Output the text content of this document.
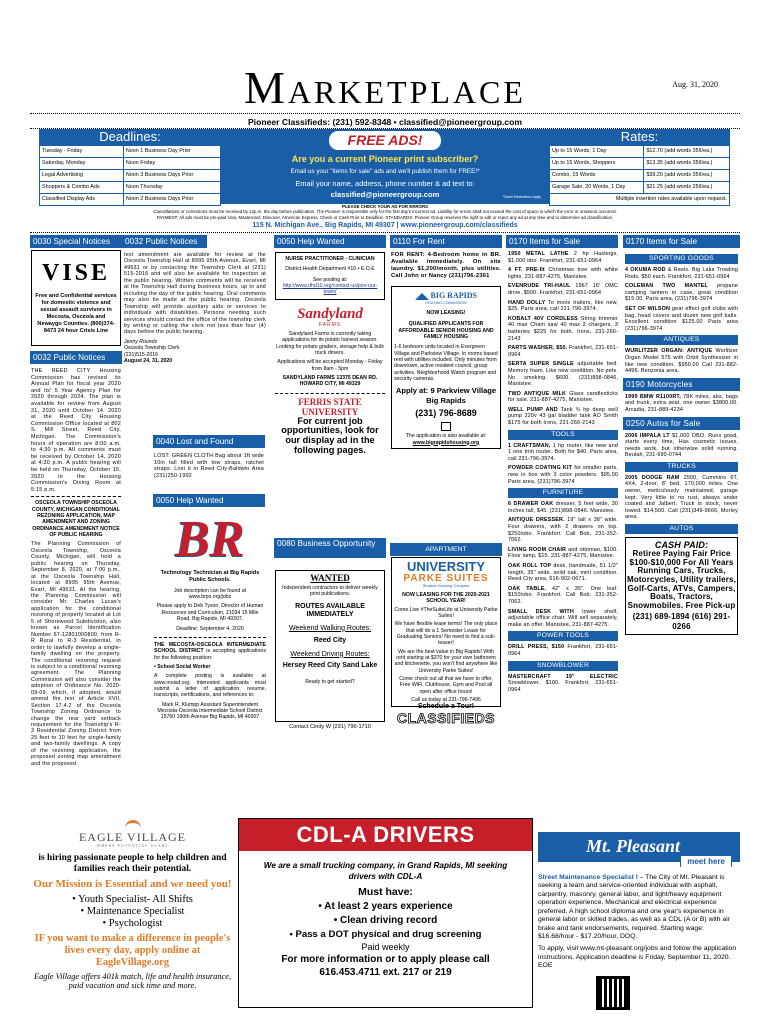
Marketplace	Aug. 31, 2020
Pioneer Classifieds: (231) 592-8348 • classified@pioneergroup.com
Deadlines:
Tuesday - Friday	Noon 1 Business Day Prior
Saturday, Monday	Noon Friday
Legal Advertising	Noon 3 Business Days Prior
Shoppers & Combo Ads	Noon Thursday
Classified Display Ads	Noon 2 Business Days Prior
FREE ADS!
Are you a current Pioneer print subscriber?
Email us your "items for sale" ads and we'll publish them for FREE!*
Email your name, address, phone number & ad text to:
classified@pioneergroup.com	*Some Restrictions Apply
Rates:
Up to 15 Words, 1 Day	$12.70 (add words 35¢/ea.)
Up to 15 Words, Shoppers	$13.35 (add words 35¢/ea.)
Combo, 15 Words	$39.20 (add words 35¢/ea.)
Garage Sale, 20 Words, 1 Day	$21.25 (add words 25¢/ea.)
Multiple insertion rates available upon request.	
PLEASE CHECK YOUR AD FOR ERRORS
Cancellations or corrections must be received by 12p.m. the day before publication. The Pioneer is responsible only for the first day's incorrect ad. Liability for errors shall not exceed the cost of space in which the error or omission occurred.
PAYMENT: All ads must be pre-paid Visa, Mastercard, Discover, American Express, Check or Cash Prior to Deadline. STANDARDS: Pioneer Group reserves the right to edit or reject any ad at any time and to determine ad classification.
115 N. Michigan Ave., Big Rapids, MI 49307 | www.pioneergroup.com/classifieds
0030 Special Notices
VISE
Free and Confidential services for domestic violence and sexual assault survivors in Mecosta, Osceola and Newaygo Counties. (800)374-8473 24 hour Crisis Line
0032 Public Notices
THE REED CITY Housing Commission has revised its Annual Plan for fiscal year 2020 and its' 5 Year Agency Plan for 2020 through 2024. The plan is available for review from August 31, 2020 until October 14, 2020 at the Reed City Housing Commission Office located at 802 S. Mill Street, Reed City, Michigan. The Commission's hours of operation are 8:00 a.m. to 4:30 p.m. All comments must be received by October 14, 2020 at 4:30 p.m. A public hearing will be held on Thursday, October 15, 2020 in the Housing Commission's Dining Room at 5:15 p.m.
OSCEOLA TOWNSHIP OSCEOLA COUNTY, MICHIGAN CONDITIONAL REZONING APPLICATION, MAP AMENDMENT AND ZONING ORDINANCE AMENDMENT NOTICE OF PUBLIC HEARING
The Planning Commission of Osceola Township, Osceola County, Michigan, will hold a public hearing on Thursday, September 8, 2020, at 7:00 p.m., at the Osceola Township Hall, located at 8995 95th Avenue, Evart, MI 49631. At the hearing, the Planning Commission will consider Mr. Charles Lucas's application for the conditional rezoning of property located at Lot 5 of Shorewood Subdivision, also known as Parcel Identification Number 67-12801000800, from R-R Rural to R-3 Residential, in order to lawfully develop a single-family dwelling on the property. The conditional rezoning request is subject to a conditional rezoning agreement. The Planning Commission will also consider the adoption of Ordinance No. 2020-09-09, which, if adopted, would amend the text of Article XVII, Section 17.4.2 of the Osceola Township Zoning Ordinance to change the rear yard setback requirement for the Township's R-3 Residential Zoning District from 25 feet to 10 feet for single-family and two-family dwellings. A copy of the rezoning application, the proposed zoning map amendment and the proposed
0032 Public Notices
text amendment are available for review at the Osceola Township Hall at 8995 95th Avenue, Evart, MI 49631 or by contacting the Township Clerk at (231) 515-2016 and will also be available for inspection at the public hearing. Written comments will be received at the Township Hall during business hours, up to and including the day of the public hearing. Oral comments may also be made at the public hearing. Osceola Township will provide auxiliary aids or services to individuals with disabilities. Persons needing such services should contact the office of the township clerk by writing or calling the clerk not less than four (4) days before the public hearing.
Jenny Rounds
Osceola Township Clerk
(231)515-2016
August 24, 31, 2020
0040 Lost and Found
LOST: GREEN CLOTH Bag about 1ft wide 10in tall filled with tow straps, ratchet straps. Lost it in Reed City-Baldwin Area (231)250-1992
0050 Help Wanted
BR
Technology Technician at Big Rapids Public Schools.
Job description can be found at www.brps.org/jobs
Please apply to Deb Tyson, Director of Human Resources and Curriculum, 21034 15 Mile Road, Big Rapids, MI 49307.
Deadline: September 4, 2020
THE MECOSTA-OSCEOLA INTERMEDIATE SCHOOL DISTRICT is accepting applications for the following position:
• School Social Worker
A complete posting is available at www.moisd.org. Interested applicants must submit a letter of application, resume, transcripts, certifications, and references to:
Mark R. Klumpp Assistant Superintendent Mecosta-Osceola Intermediate School District 15760 190th Avenue Big Rapids, MI 49307
0050 Help Wanted
NURSE PRACTITIONER - CLINICIAN
District Health Department #10 • E.O.E
See posting at:
http://www.dhd10.org/contact-us/join-our-team/
Sandyland
FARMS
Sandyland Farms is currently taking applications for its potato harvest season. Looking for potato graders, storage help & bulk truck drivers.
Applications will be accepted Monday - Friday from 8am - 5pm
SANDYLAND FARMS 13375 DEAN RD. HOWARD CITY, MI 49329
FERRIS STATE UNIVERSITY
For current job opportunities, look for our display ad in the following pages.
0080 Business Opportunity
WANTED
Independent contractors to deliver weekly print publications.
ROUTES AVAILABLE IMMEDIATELY
Weekend Walking Routes:
Reed City
Weekend Driving Routes:
Hersey Reed City Sand Lake
Ready to get started?
Contact Cindy W (231) 796-1710
0110 For Rent
FOR RENT: 4-Bedroom home in BR. Available immediately. On site laundry. $1,200/month, plus utilities. Call John or Nancy (231)796-2361
BIG RAPIDS
HOUSING COMMISSION
NOW LEASING!
QUALIFIED APPLICANTS FOR AFFORDABLE SENIOR HOUSING AND FAMILY HOUSING
1-6 bedroom units located in Evergreen Village and Parkview Village. In rooms based rent with utilities included. Only minutes from downtown, active resident council, group activities, Neighborhood Watch program and security cameras.
Apply at: 9 Parkview Village Big Rapids
(231) 796-8689
The application is also available at:
www.bigrapidshousing.org
APARTMENT
UNIVERSITY
PARKE SUITES
Student Housing Complex
NOW LEASING FOR THE 2020-2021 SCHOOL YEAR!
Come Live #TheSuiteLife at University Parke Suites!
We have flexible lease terms! The only place that will do a 1 Semester Lease for Graduating Seniors! No need to find a sub-leaser!
We are the best value in Big Rapids! With rent starting at $370 for your own bathroom and kitchenette, you won't find anywhere like University Parke Suites!
Come check out all that we have to offer, Free WiFi, Clubhouse, Gym and Pool all open after office hours!
Call us today at 231-796-7496
Schedule a Tour!
CLASSIFIEDS
0170 Items for Sale
1950 METAL LATHE 2 hp Hastings, $1,000 obo. Frankfort, 231-651-0964
4 FT. PRE-lit Christmas tree with white lights. 231-887-4275, Manistee.
EVENRUDE TRI-HAUL 1967 16' OMC drive. $500. Frankfort, 231-651-0964
HAND DOLLY To move trailers, like new, $25. Paris area, call 231-796-3974.
KOBALT 40V CORDLESS String trimmer 40 max Chain saw 40 max 2 chargers, 3 batteries $225 for both. Irons, 231-266-2143
PARTS WASHER, $50. Frankfort, 231-651-0964
SERTA SUPER SINGLE adjustable bed. Memory foam. Like new condition. No pets. No smoking. $600. (231)898-0846, Manistee.
TWO ANTIQUE MILK Glass candlesticks for sale. 231-887-4275, Manistee.
WELL PUMP AND Tank ¾ hp deep well pump 220v 43 gal bladder tank AO Smith $175 for both Irons, 231-266-2143
TOOLS
1 CRAFTSMAN, 1 hp router, like new and 1 one trim router. Both for $40. Paris area, call 231-796-3974.
POWDER COATING KIT for smaller parts, new in box with 3 color powders. $95.00 Paris area, (231)796-3974
FURNITURE
6 DRAWER OAK dresser. 5 feet wide, 30 inches tall, $45. (231)898-0846. Manistee.
ANTIQUE DRESSER. 19" tall x 38" wide. Four drawers, with 2 drawers on top. $250/obo. Frankfort. Call Bob, 231-352-7062.
LIVING ROOM CHAIR and ottoman, $100. Floor lamp, $15. 231-887-4275, Manistee.
OAK ROLL TOP desk, handmade, 51 1/2" length, 35" wide, solid oak, mint condition. Reed City area, 616-902-0671.
OAK TABLE. 42" x 35". One leaf. $150/obo. Frankfort. Call Bob, 231-352-7062.
SMALL DESK WITH lower shelf, adjustable office chair. Will sell separately, make an offer. Manistee, 231-887-4275.
POWER TOOLS
DRILL PRESS, $150 Frankfort, 231-651-0964
SNOWBLOWER
MASTERCRAFT 19" ELECTRIC Snowblower. $100. Frankfort, 231-651-0964
0170 Items for Sale
SPORTING GOODS
4 OKUMA ROD & Reels. Big Lake Trowling Rods, $50 each. Frankfort, 231-651-0964
COLEMAN TWO MANTEL propane camping lantern in case, great condition $15.00. Paris area, (231)796-3974
SET OF WILSON gear effect golf clubs with bag, head covers and dozen new golf balls. Excellent condition $125.00 Paris area (231)796-3974
ANTIQUES
WURLITZER ORGAN: ANTIQUE Wurlitzer Organ Model 575 with Orbit Synthesizer in like new condition. $950.00 Call 231-882-4496. Benzonia area.
0190 Motorcycles
1999 BMW R1100RT, 78K miles, abs, bags and trunk, extra seat, one owner $3800.00. Arcadia, 231-889-4234
0250 Autos for Sale
2006 IMPALA LT $1,000 OBO. Runs good, starts every time, Has cosmetic issues, needs work, but otherwise solid running. Beulah, 231-690-0744
TRUCKS
2005 DODGE RAM 2500, Cummins 6T, 4X4, 2-door, 8' bed, 170,000 miles. One owner, meticulously maintained, garage kept. Very little to no rust, always under coated and Jalbert. Truck is stock, never towed. $14,500. Call (231)349-9666, Morley area.
AUTOS
CASH PAID:
Retiree Paying Fair Price $100-$10,000 For All Years Running Cars, Trucks, Motorcycles, Utility trailers, Golf-Carts, ATVs, Campers, Boats, Tractors, Snowmobiles. Free Pick-up
(231) 689-1894 (616) 291-0266
EAGLE VILLAGE
WHERE POTENTIAL SOARS
is hiring passionate people to help children and families reach their potential.
Our Mission is Essential and we need you!
• Youth Specialist- All Shifts
• Maintenance Specialist
• Psychologist
IF you want to make a difference in people's lives every day, apply online at EagleVillage.org
Eagle Village offers 401k match, life and health insurance, paid vacation and sick time and more.
CDL-A DRIVERS
We are a small trucking company, in Grand Rapids, MI seeking drivers with CDL-A
Must have:
• At least 2 years experience
• Clean driving record
• Pass a DOT physical and drug screening
Paid weekly
For more information or to apply please call 616.453.4711 ext. 217 or 219
Mt. Pleasant
meet here
Street Maintenance Specialist I – The City of Mt. Pleasant is seeking a team and service-oriented individual with asphalt, carpentry, masonry, general labor, and light/heavy equipment operation experience. Mechanical and electrical experience preferred. A high school diploma and one year's experience in general labor or skilled trades, as well as a CDL (A or B) with air brake and tank endorsements, required. Starting wage: $16.68/hour - $17.20/hour, DOQ.
To apply, visit www.mt-pleasant.org/jobs and follow the application instructions. Application deadline is Friday, September 11, 2020. EOE
